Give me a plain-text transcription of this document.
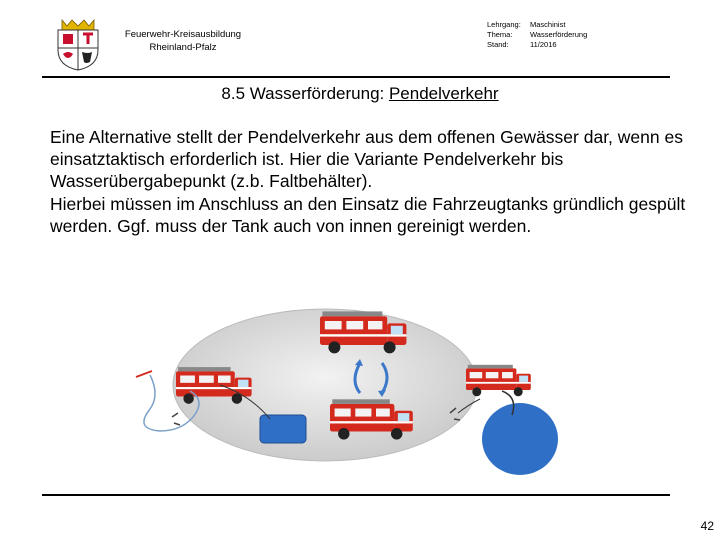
Feuerwehr-Kreisausbildung
Rheinland-Pfalz
Lehrgang:	Maschinist
Thema:	Wasserförderung
Stand:	11/2016
8.5 Wasserförderung: Pendelverkehr

Eine Alternative stellt der Pendelverkehr aus dem offenen Gewässer dar, wenn es einsatztaktisch erforderlich ist. Hier die Variante Pendelverkehr bis Wasserübergabepunkt (z.b. Faltbehälter).

Hierbei müssen im Anschluss an den Einsatz die Fahrzeugtanks gründlich gespült werden. Ggf. muss der Tank auch von innen gereinigt werden.

42
